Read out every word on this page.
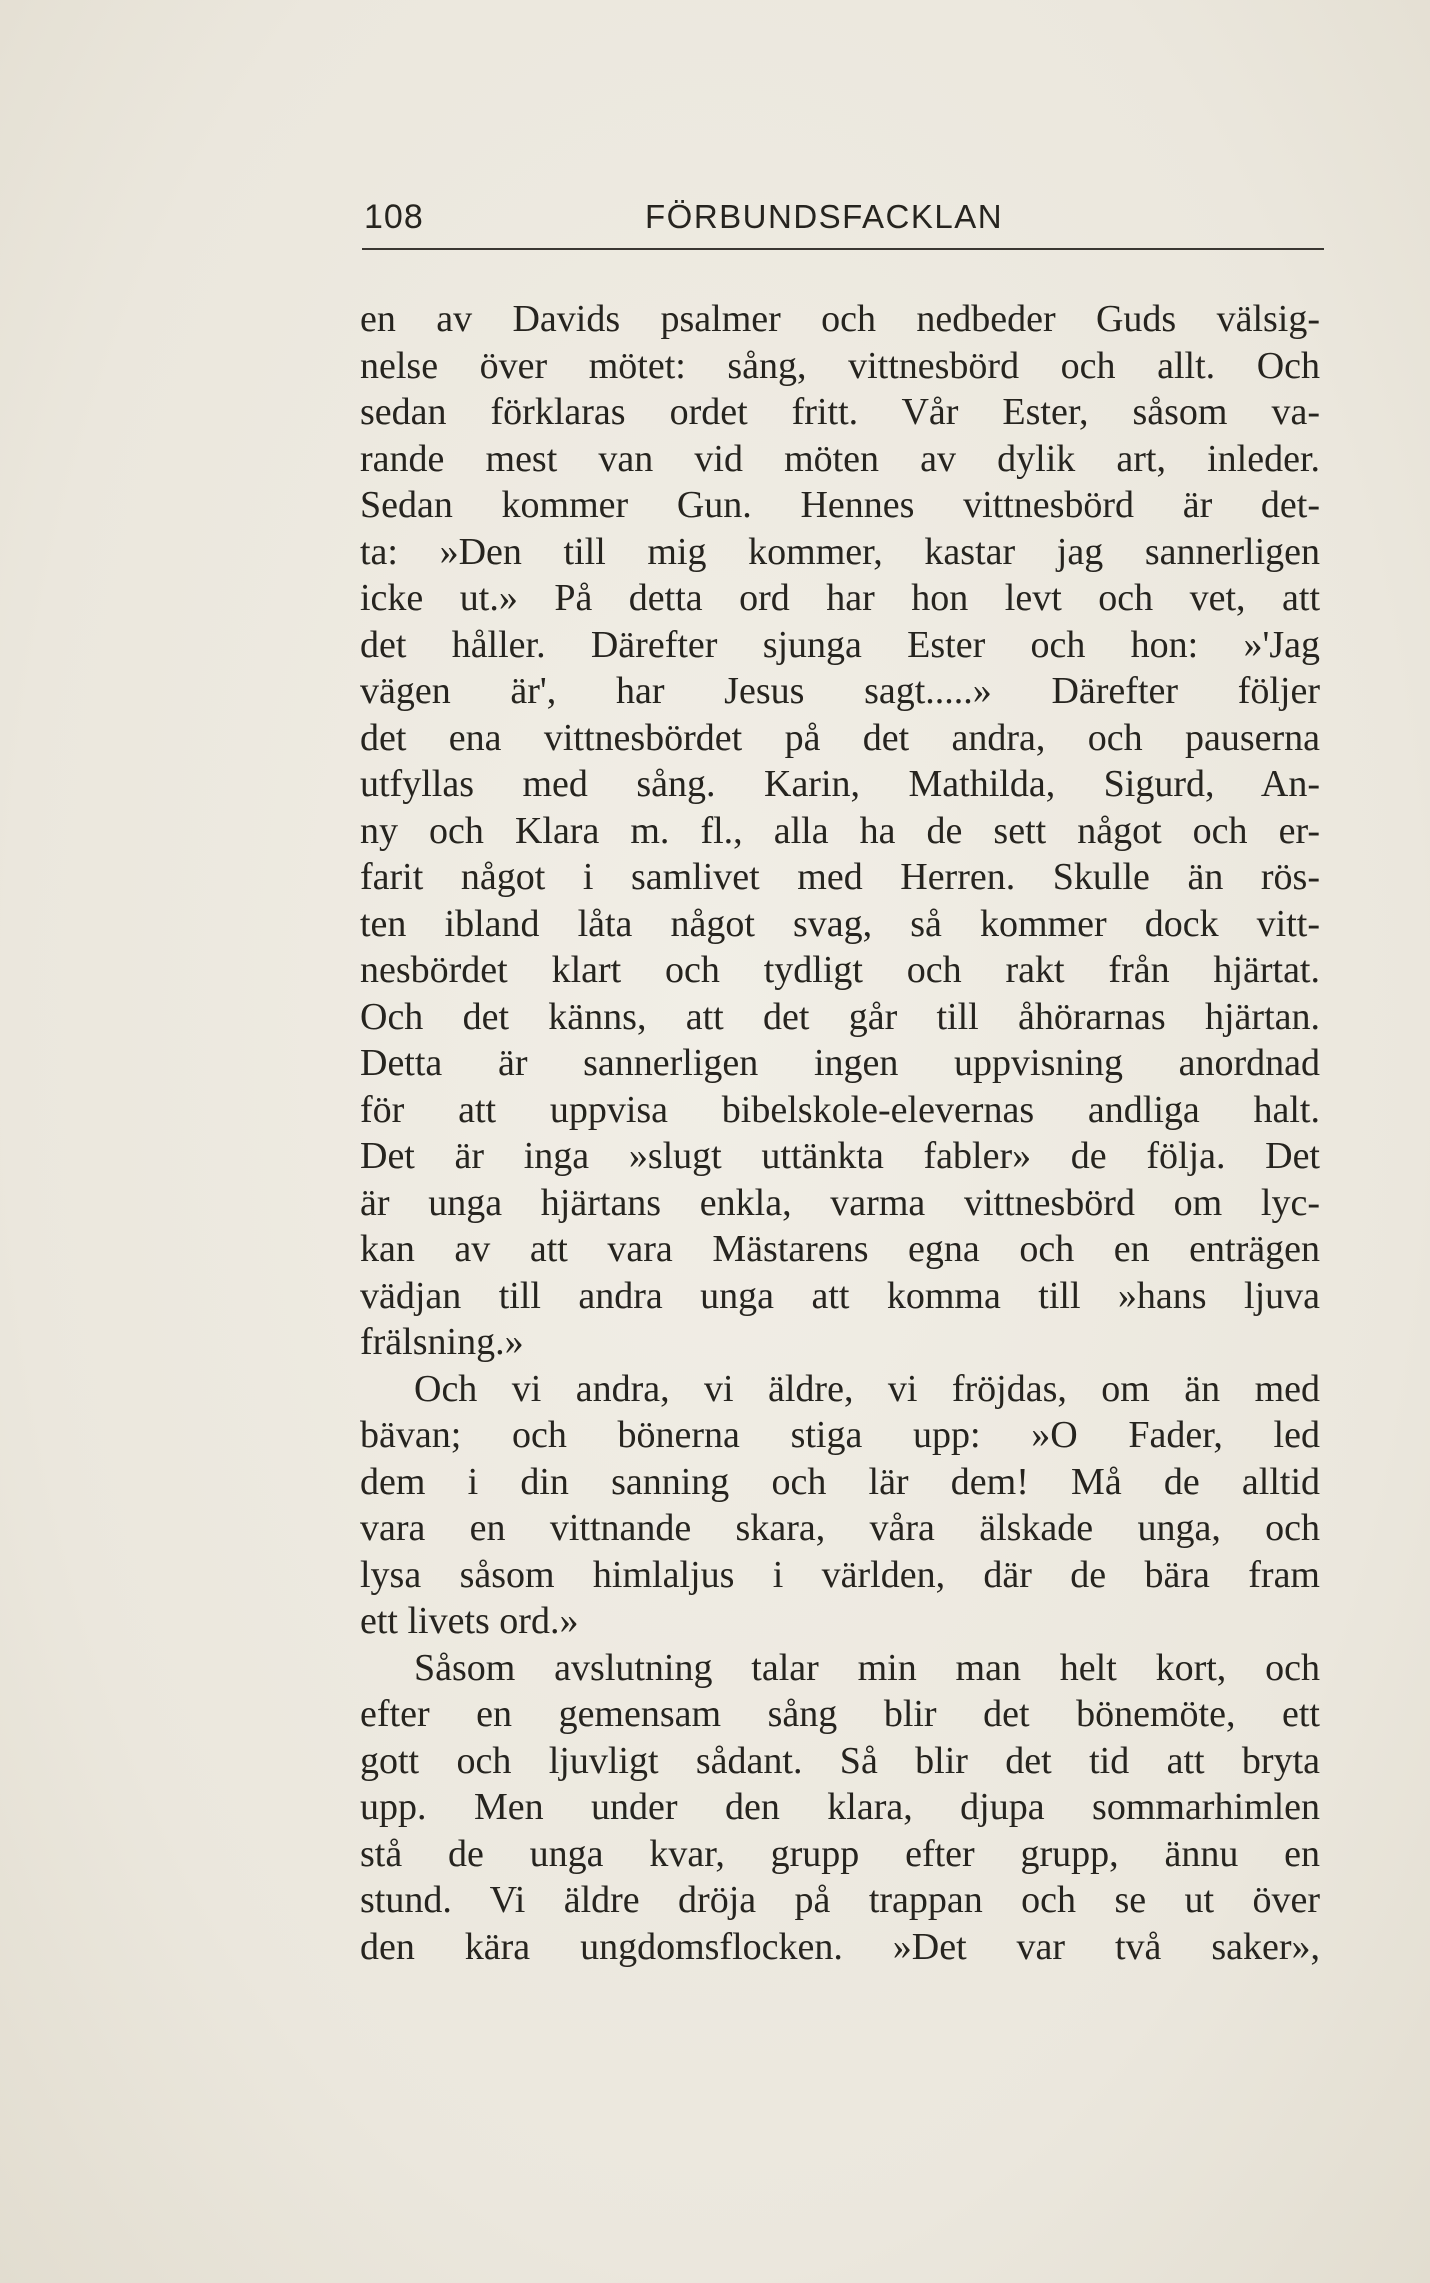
108	FÖRBUNDSFACKLAN
en av Davids psalmer och nedbeder Guds välsig-
nelse över mötet: sång, vittnesbörd och allt. Och
sedan förklaras ordet fritt. Vår Ester, såsom va-
rande mest van vid möten av dylik art, inleder.
Sedan kommer Gun. Hennes vittnesbörd är det-
ta: »Den till mig kommer, kastar jag sannerligen
icke ut.» På detta ord har hon levt och vet, att
det håller. Därefter sjunga Ester och hon: »'Jag
vägen är', har Jesus sagt.....» Därefter följer
det ena vittnesbördet på det andra, och pauserna
utfyllas med sång. Karin, Mathilda, Sigurd, An-
ny och Klara m. fl., alla ha de sett något och er-
farit något i samlivet med Herren. Skulle än rös-
ten ibland låta något svag, så kommer dock vitt-
nesbördet klart och tydligt och rakt från hjärtat.
Och det känns, att det går till åhörarnas hjärtan.
Detta är sannerligen ingen uppvisning anordnad
för att uppvisa bibelskole-elevernas andliga halt.
Det är inga »slugt uttänkta fabler» de följa. Det
är unga hjärtans enkla, varma vittnesbörd om lyc-
kan av att vara Mästarens egna och en enträgen
vädjan till andra unga att komma till »hans ljuva
frälsning.»
Och vi andra, vi äldre, vi fröjdas, om än med
bävan; och bönerna stiga upp: »O Fader, led
dem i din sanning och lär dem! Må de alltid
vara en vittnande skara, våra älskade unga, och
lysa såsom himlaljus i världen, där de bära fram
ett livets ord.»
Såsom avslutning talar min man helt kort, och
efter en gemensam sång blir det bönemöte, ett
gott och ljuvligt sådant. Så blir det tid att bryta
upp. Men under den klara, djupa sommarhimlen
stå de unga kvar, grupp efter grupp, ännu en
stund. Vi äldre dröja på trappan och se ut över
den kära ungdomsflocken. »Det var två saker»,
